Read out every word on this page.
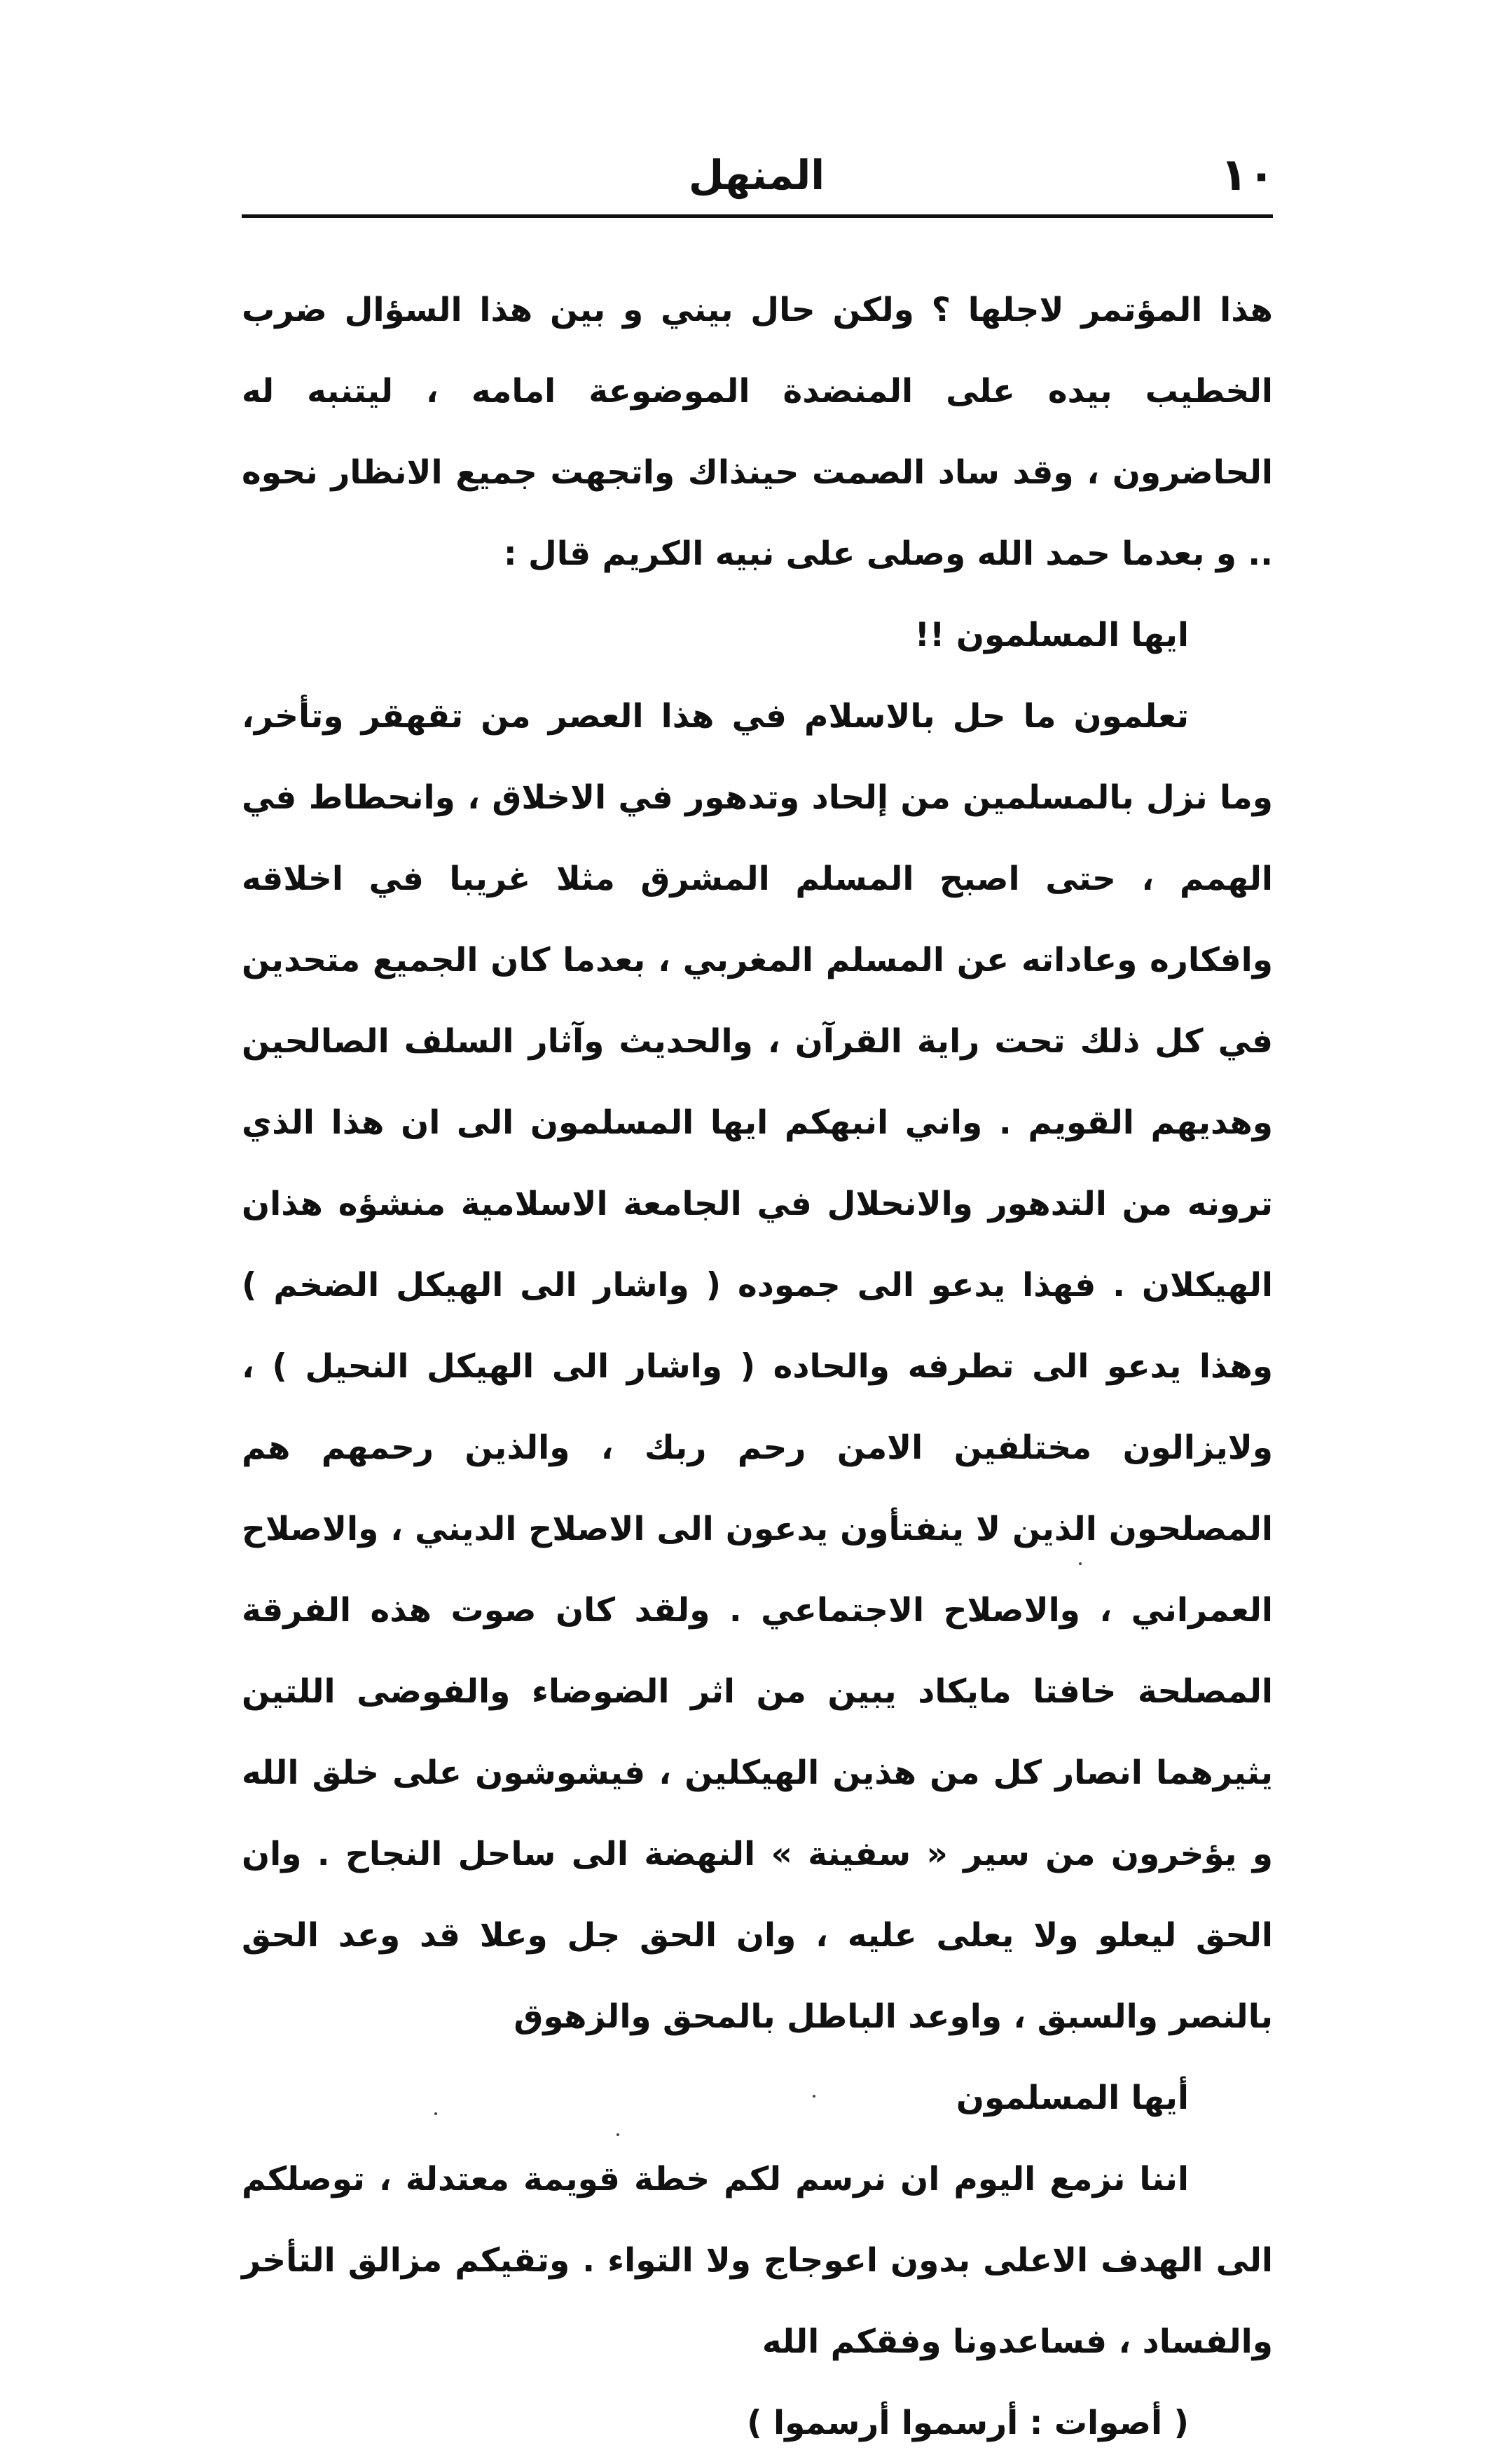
١٠
المنهل

هذا المؤتمر لاجلها ؟ ولكن حال بيني و بين هذا السؤال ضرب الخطيب بيده على المنضدة الموضوعة امامه ، ليتنبه له الحاضرون ، وقد ساد الصمت حينذاك واتجهت جميع الانظار نحوه .. و بعدما حمد الله وصلى على نبيه الكريم قال :

ايها المسلمون !!

تعلمون ما حل بالاسلام في هذا العصر من تقهقر وتأخر، وما نزل بالمسلمين من إلحاد وتدهور في الاخلاق ، وانحطاط في الهمم ، حتى اصبح المسلم المشرق مثلا غريبا في اخلاقه وافكاره وعاداته عن المسلم المغربي ، بعدما كان الجميع متحدين في كل ذلك تحت راية القرآن ، والحديث وآثار السلف الصالحين وهديهم القويم . واني انبهكم ايها المسلمون الى ان هذا الذي ترونه من التدهور والانحلال في الجامعة الاسلامية منشؤه هذان الهيكلان . فهذا يدعو الى جموده ( واشار الى الهيكل الضخم ) وهذا يدعو الى تطرفه والحاده ( واشار الى الهيكل النحيل ) ، ولايزالون مختلفين الامن رحم ربك ، والذين رحمهم هم المصلحون الذين لا ينفتأون يدعون الى الاصلاح الديني ، والاصلاح العمراني ، والاصلاح الاجتماعي . ولقد كان صوت هذه الفرقة المصلحة خافتا مايكاد يبين من اثر الضوضاء والفوضى اللتين يثيرهما انصار كل من هذين الهيكلين ، فيشوشون على خلق الله و يؤخرون من سير « سفينة » النهضة الى ساحل النجاح . وان الحق ليعلو ولا يعلى عليه ، وان الحق جل وعلا قد وعد الحق بالنصر والسبق ، واوعد الباطل بالمحق والزهوق

أيها المسلمون

اننا نزمع اليوم ان نرسم لكم خطة قويمة معتدلة ، توصلكم الى الهدف الاعلى بدون اعوجاج ولا التواء . وتقيكم مزالق التأخر والفساد ، فساعدونا وفقكم الله

( أصوات : أرسموا أرسموا )
